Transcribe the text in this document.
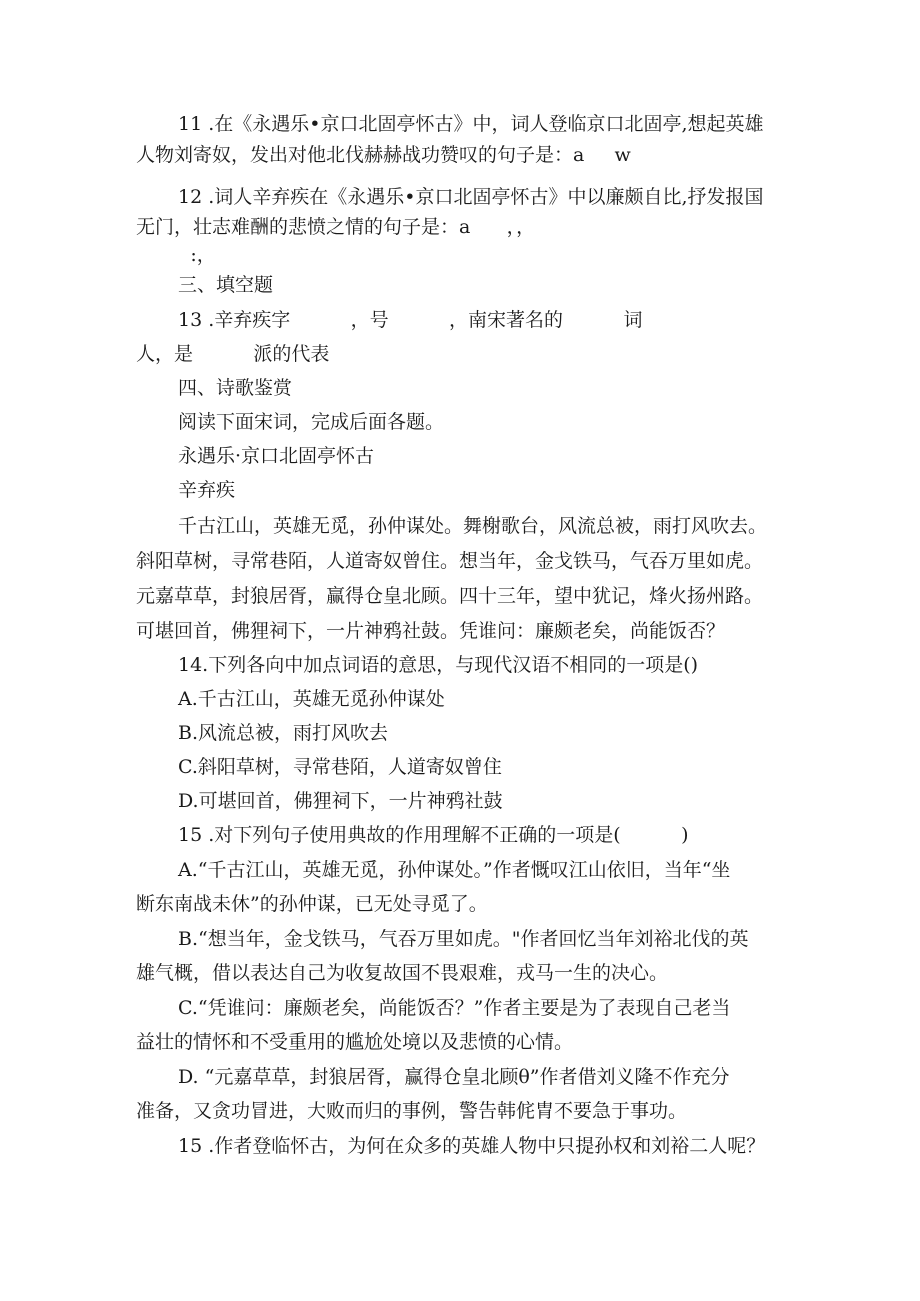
11 .在《永遇乐•京口北固亭怀古》中，词人登临京口北固亭,想起英雄

人物刘寄奴，发出对他北伐赫赫战功赞叹的句子是：a     w

12 .词人辛弃疾在《永遇乐•京口北固亭怀古》中以廉颇自比,抒发报国

无门，壮志难酬的悲愤之情的句子是：a      ，，

:，

三、填空题

13 .辛弃疾字          ，号          ，南宋著名的          词

人，是          派的代表

四、诗歌鉴赏

阅读下面宋词，完成后面各题。

永遇乐·京口北固亭怀古

辛弃疾

千古江山，英雄无觅，孙仲谋处。舞榭歌台，风流总被，雨打风吹去。

斜阳草树，寻常巷陌，人道寄奴曾住。想当年，金戈铁马，气吞万里如虎。

元嘉草草，封狼居胥，赢得仓皇北顾。四十三年，望中犹记，烽火扬州路。

可堪回首，佛狸祠下，一片神鸦社鼓。凭谁问：廉颇老矣，尚能饭否？

14.下列各向中加点词语的意思，与现代汉语不相同的一项是()

A.千古江山，英雄无觅孙仲谋处

B.风流总被，雨打风吹去

C.斜阳草树，寻常巷陌，人道寄奴曾住

D.可堪回首，佛狸祠下，一片神鸦社鼓

15 .对下列句子使用典故的作用理解不正确的一项是(          )

A.“千古江山，英雄无觅，孙仲谋处。”作者慨叹江山依旧，当年“坐

断东南战未休”的孙仲谋，已无处寻觅了。

B.“想当年，金戈铁马，气吞万里如虎。"作者回忆当年刘裕北伐的英

雄气概，借以表达自己为收复故国不畏艰难，戎马一生的决心。

C.“凭谁问：廉颇老矣，尚能饭否？”作者主要是为了表现自己老当

益壮的情怀和不受重用的尴尬处境以及悲愤的心情。

D. “元嘉草草，封狼居胥，赢得仓皇北顾θ”作者借刘义隆不作充分

准备，又贪功冒进，大败而归的事例，警告韩侂胄不要急于事功。

15 .作者登临怀古，为何在众多的英雄人物中只提孙权和刘裕二人呢？
